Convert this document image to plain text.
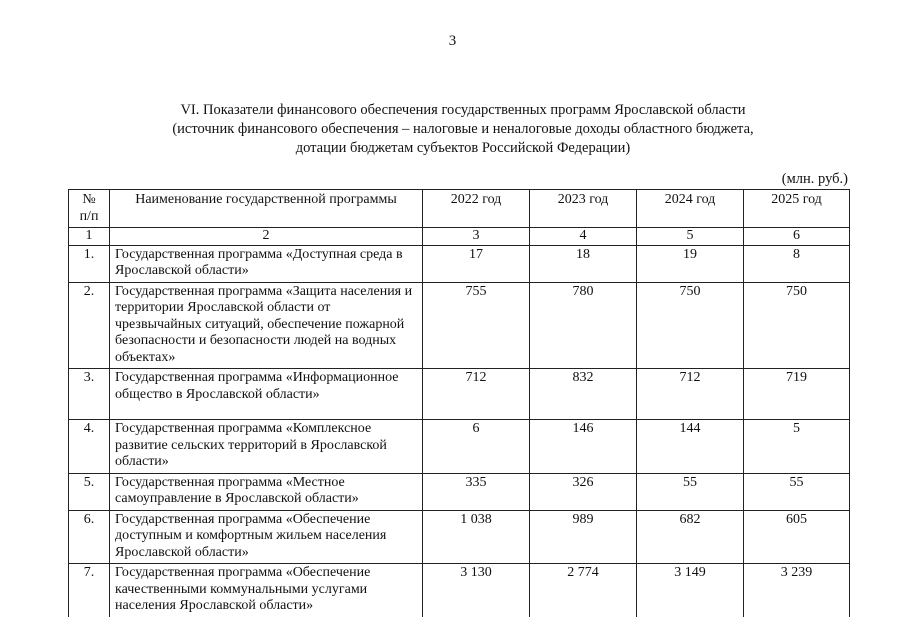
3
VI. Показатели финансового обеспечения государственных программ Ярославской области
(источник финансового обеспечения – налоговые и неналоговые доходы областного бюджета,
дотации бюджетам субъектов Российской Федерации)
(млн. руб.)
№
п/п	Наименование государственной программы	2022 год	2023 год	2024 год	2025 год
1	2	3	4	5	6
1.	Государственная программа «Доступная среда в Ярославской области»	17	18	19	8
2.	Государственная программа «Защита населения и территории Ярославской области от чрезвычайных ситуаций, обеспечение пожарной безопасности и безопасности людей на водных объектах»	755	780	750	750
3.	Государственная программа «Информационное общество в Ярославской области»	712	832	712	719
4.	Государственная программа «Комплексное развитие сельских территорий в Ярославской области»	6	146	144	5
5.	Государственная программа «Местное самоуправление в Ярославской области»	335	326	55	55
6.	Государственная программа «Обеспечение доступным и комфортным жильем населения Ярославской области»	1 038	989	682	605
7.	Государственная программа «Обеспечение качественными коммунальными услугами населения Ярославской области»	3 130	2 774	3 149	3 239
